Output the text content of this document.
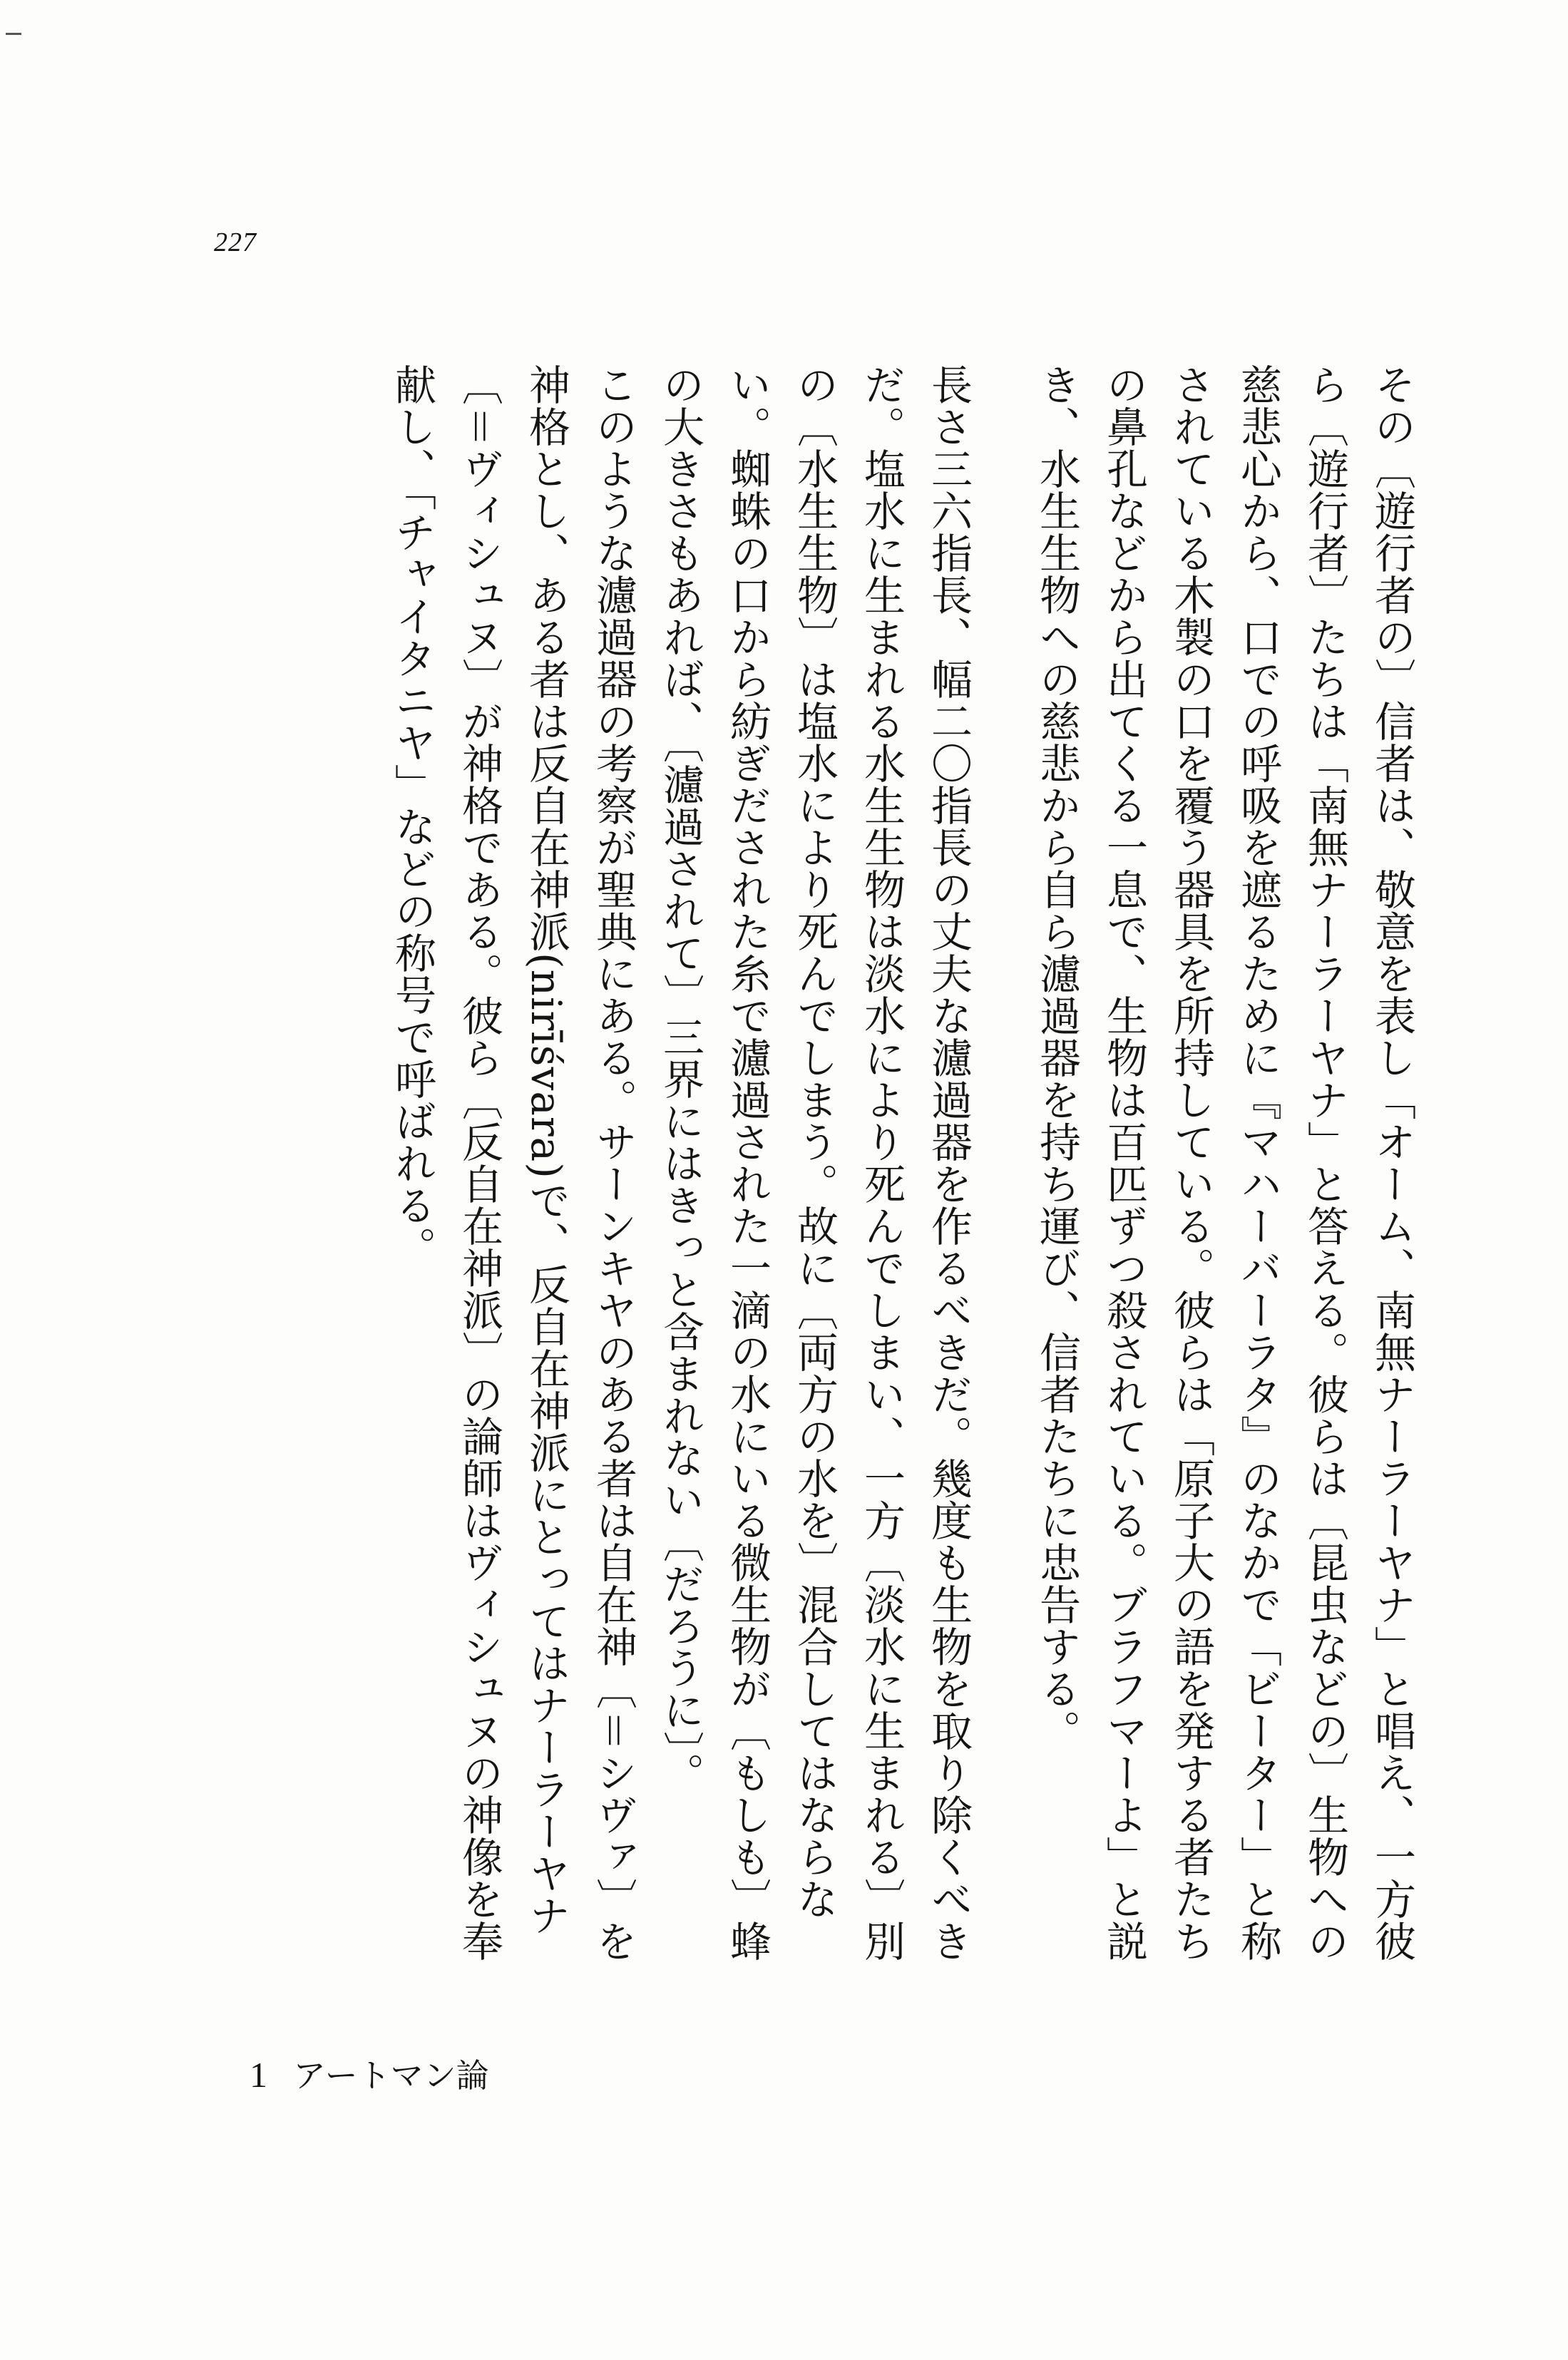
227

その〔遊行者の〕信者は、敬意を表し「オーム、南無ナーラーヤナ」と唱え、一方彼ら〔遊行者〕たちは「南無ナーラーヤナ」と答える。彼らは〔昆虫などの〕生物への慈悲心から、口での呼吸を遮るために『マハーバーラタ』のなかで「ビーター」と称されている木製の口を覆う器具を所持している。彼らは「原子大の語を発する者たちの鼻孔などから出てくる一息で、生物は百匹ずつ殺されている。ブラフマーよ」と説き、水生生物への慈悲から自ら濾過器を持ち運び、信者たちに忠告する。

長さ三六指長、幅二〇指長の丈夫な濾過器を作るべきだ。幾度も生物を取り除くべきだ。塩水に生まれる水生生物は淡水により死んでしまい、一方〔淡水に生まれる〕別の〔水生生物〕は塩水により死んでしまう。故に〔両方の水を〕混合してはならない。蜘蛛の口から紡ぎだされた糸で濾過された一滴の水にいる微生物が〔もしも〕蜂の大きさもあれば、〔濾過されて〕三界にはきっと含まれない〔だろうに〕。

このような濾過器の考察が聖典にある。サーンキヤのある者は自在神〔＝シヴァ〕を神格とし、ある者は反自在神派(nirīśvara)で、反自在神派にとってはナーラーヤナ〔＝ヴィシュヌ〕が神格である。彼ら〔反自在神派〕の論師はヴィシュヌの神像を奉献し、「チャイタニヤ」などの称号で呼ばれる。

1 アートマン論
